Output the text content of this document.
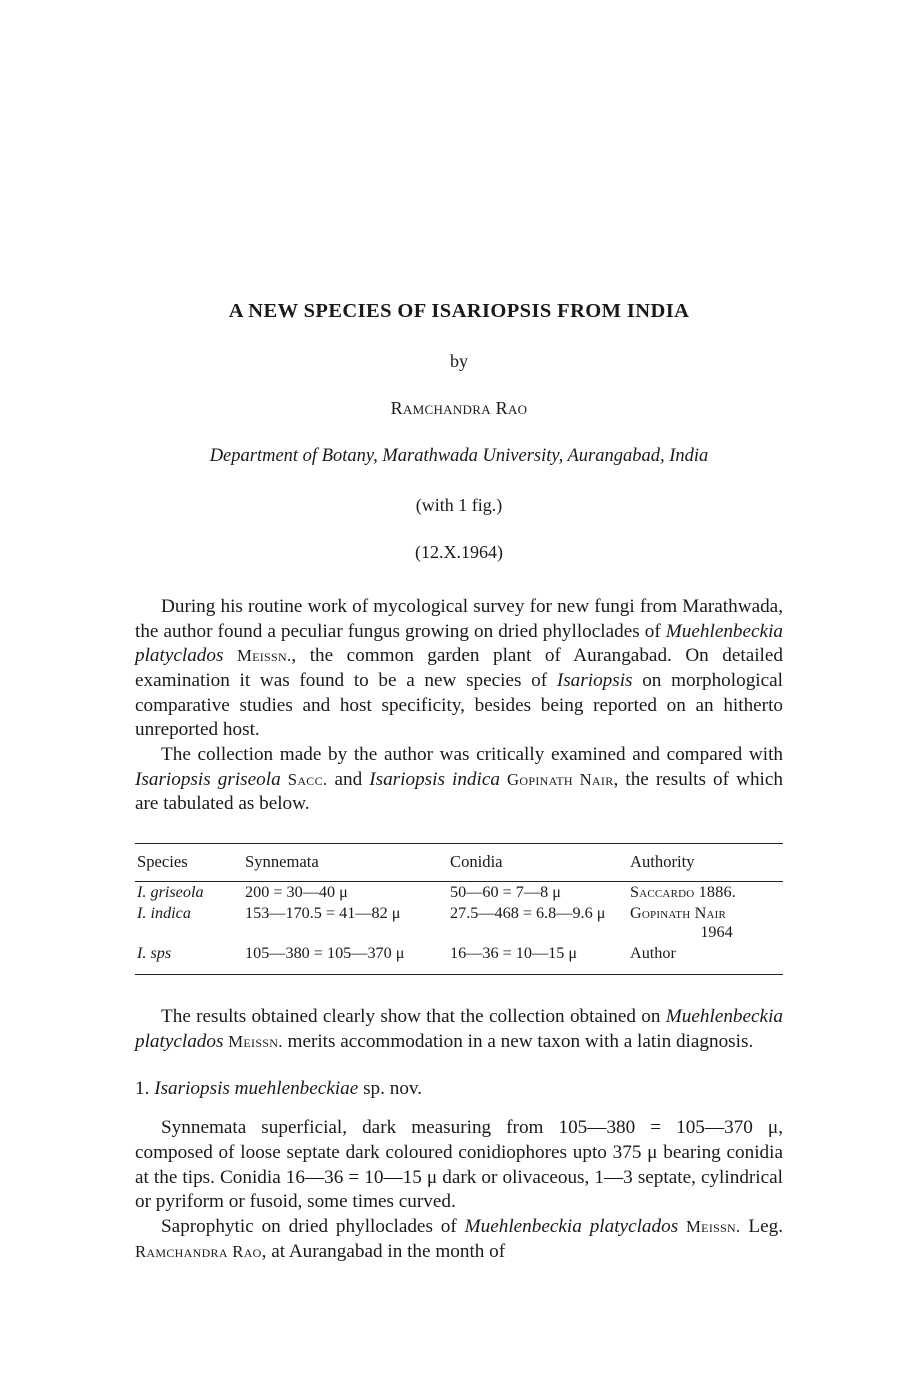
A NEW SPECIES OF ISARIOPSIS FROM INDIA
by
Ramchandra Rao
Department of Botany, Marathwada University, Aurangabad, India
(with 1 fig.)
(12.X.1964)

During his routine work of mycological survey for new fungi from Marathwada, the author found a peculiar fungus growing on dried phylloclades of Muehlenbeckia platyclados Meissn., the common garden plant of Aurangabad. On detailed examination it was found to be a new species of Isariopsis on morphological comparative studies and host specificity, besides being reported on an hitherto unreported host.

The collection made by the author was critically examined and compared with Isariopsis griseola Sacc. and Isariopsis indica Gopinath Nair, the results of which are tabulated as below.

Species	Synnemata	Conidia	Authority
I. griseola	200 = 30—40 μ	50—60 = 7—8 μ	Saccardo 1886.
I. indica	153—170.5 = 41—82 μ	27.5—468 = 6.8—9.6 μ	Gopinath Nair
1964

I. sps	105—380 = 105—370 μ	16—36 = 10—15 μ	Author

The results obtained clearly show that the collection obtained on Muehlenbeckia platyclados Meissn. merits accommodation in a new taxon with a latin diagnosis.

1. Isariopsis muehlenbeckiae sp. nov.

Synnemata superficial, dark measuring from 105—380 = 105—370 μ, composed of loose septate dark coloured conidiophores upto 375 μ bearing conidia at the tips. Conidia 16—36 = 10—15 μ dark or olivaceous, 1—3 septate, cylindrical or pyriform or fusoid, some times curved.

Saprophytic on dried phylloclades of Muehlenbeckia platyclados Meissn. Leg. Ramchandra Rao, at Aurangabad in the month of
